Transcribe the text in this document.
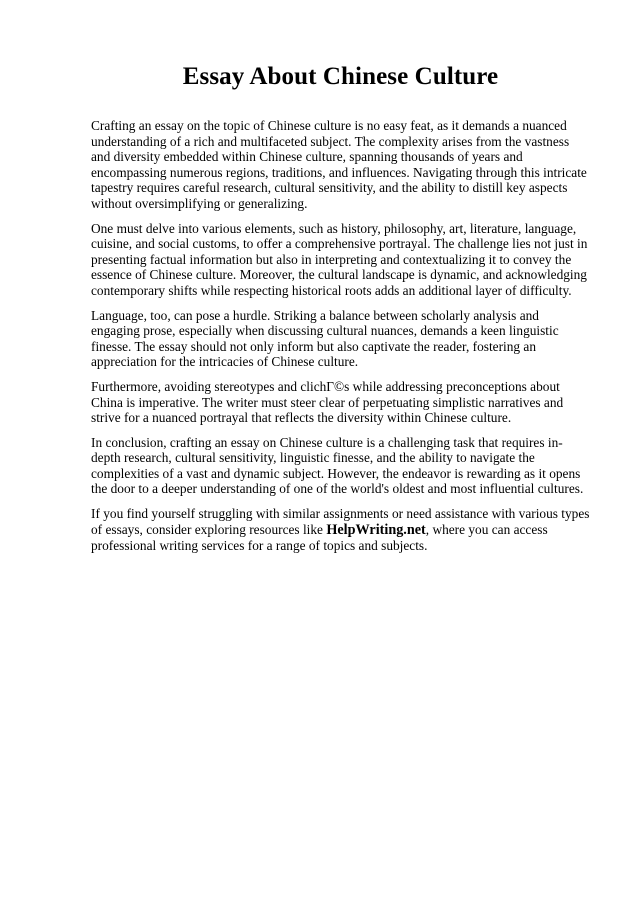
Essay About Chinese Culture

Crafting an essay on the topic of Chinese culture is no easy feat, as it demands a nuanced understanding of a rich and multifaceted subject. The complexity arises from the vastness and diversity embedded within Chinese culture, spanning thousands of years and encompassing numerous regions, traditions, and influences. Navigating through this intricate tapestry requires careful research, cultural sensitivity, and the ability to distill key aspects without oversimplifying or generalizing.

One must delve into various elements, such as history, philosophy, art, literature, language, cuisine, and social customs, to offer a comprehensive portrayal. The challenge lies not just in presenting factual information but also in interpreting and contextualizing it to convey the essence of Chinese culture. Moreover, the cultural landscape is dynamic, and acknowledging contemporary shifts while respecting historical roots adds an additional layer of difficulty.

Language, too, can pose a hurdle. Striking a balance between scholarly analysis and engaging prose, especially when discussing cultural nuances, demands a keen linguistic finesse. The essay should not only inform but also captivate the reader, fostering an appreciation for the intricacies of Chinese culture.

Furthermore, avoiding stereotypes and clichГ©s while addressing preconceptions about China is imperative. The writer must steer clear of perpetuating simplistic narratives and strive for a nuanced portrayal that reflects the diversity within Chinese culture.

In conclusion, crafting an essay on Chinese culture is a challenging task that requires in-depth research, cultural sensitivity, linguistic finesse, and the ability to navigate the complexities of a vast and dynamic subject. However, the endeavor is rewarding as it opens the door to a deeper understanding of one of the world's oldest and most influential cultures.

If you find yourself struggling with similar assignments or need assistance with various types of essays, consider exploring resources like HelpWriting.net, where you can access professional writing services for a range of topics and subjects.
